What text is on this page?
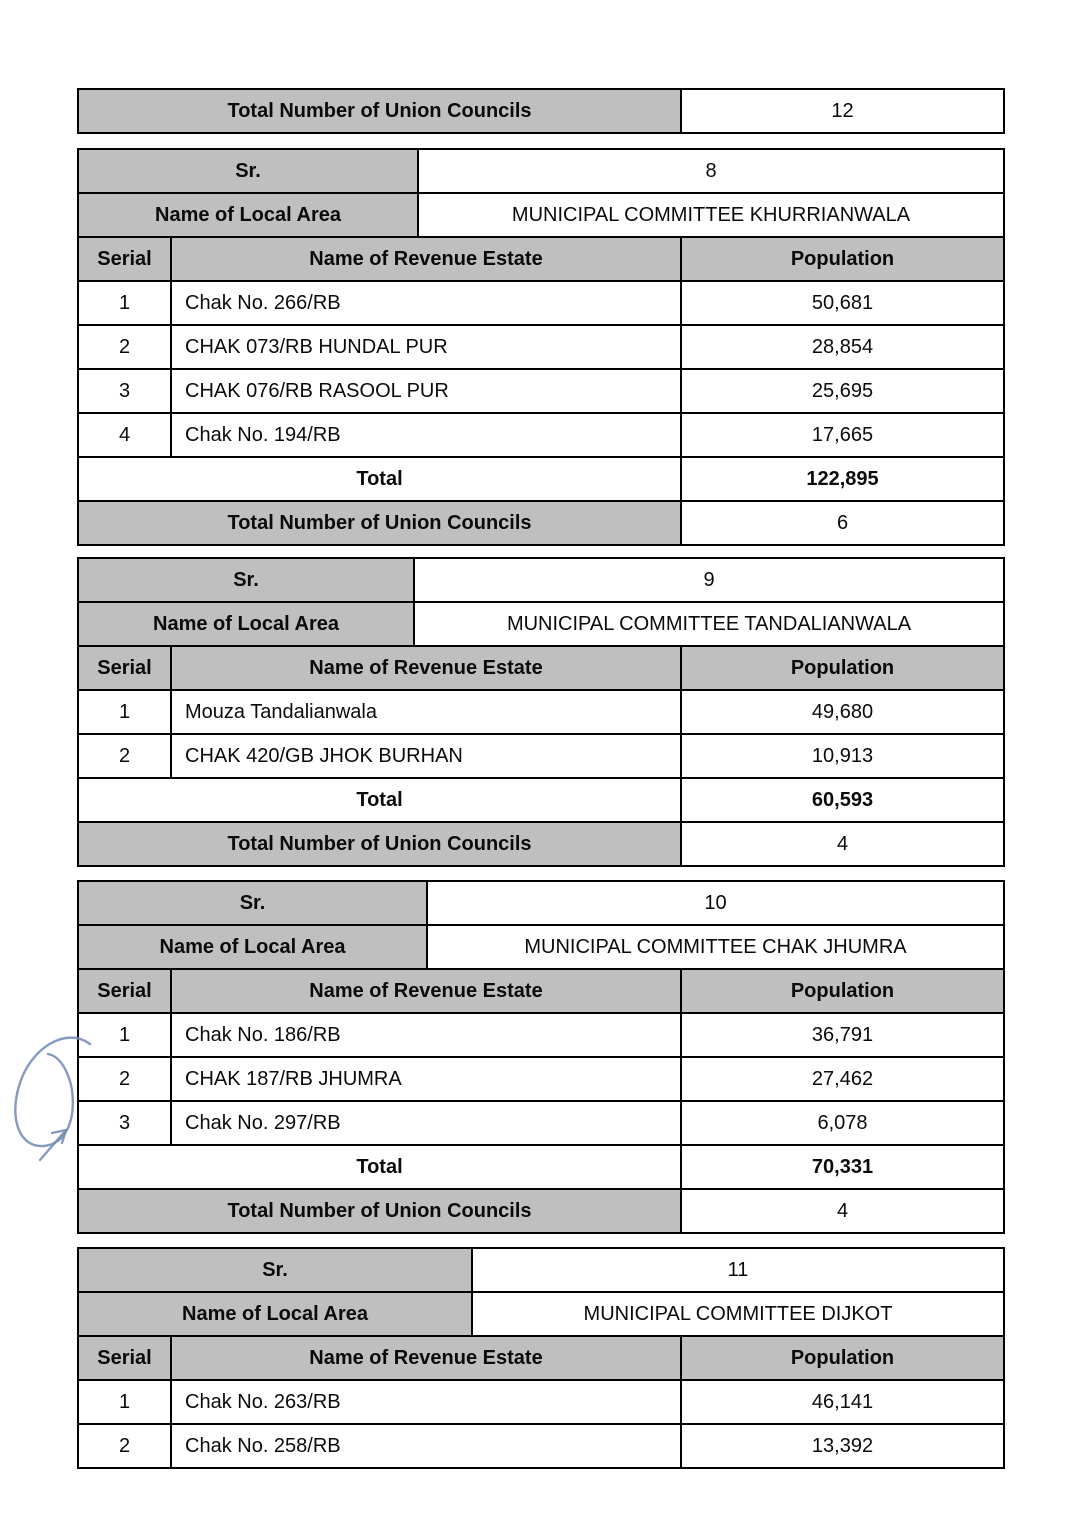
Total Number of Union Councils	12
Sr.	8
Name of Local Area	MUNICIPAL COMMITTEE KHURRIANWALA
Serial	Name of Revenue Estate	Population
1	Chak No. 266/RB	50,681
2	CHAK 073/RB HUNDAL PUR	28,854
3	CHAK 076/RB RASOOL PUR	25,695
4	Chak No. 194/RB	17,665
Total	122,895
Total Number of Union Councils	6
Sr.	9
Name of Local Area	MUNICIPAL COMMITTEE TANDALIANWALA
Serial	Name of Revenue Estate	Population
1	Mouza Tandalianwala	49,680
2	CHAK 420/GB JHOK BURHAN	10,913
Total	60,593
Total Number of Union Councils	4
Sr.	10
Name of Local Area	MUNICIPAL COMMITTEE CHAK JHUMRA
Serial	Name of Revenue Estate	Population
1	Chak No. 186/RB	36,791
2	CHAK 187/RB JHUMRA	27,462
3	Chak No. 297/RB	6,078
Total	70,331
Total Number of Union Councils	4
Sr.	11
Name of Local Area	MUNICIPAL COMMITTEE DIJKOT
Serial	Name of Revenue Estate	Population
1	Chak No. 263/RB	46,141
2	Chak No. 258/RB	13,392
